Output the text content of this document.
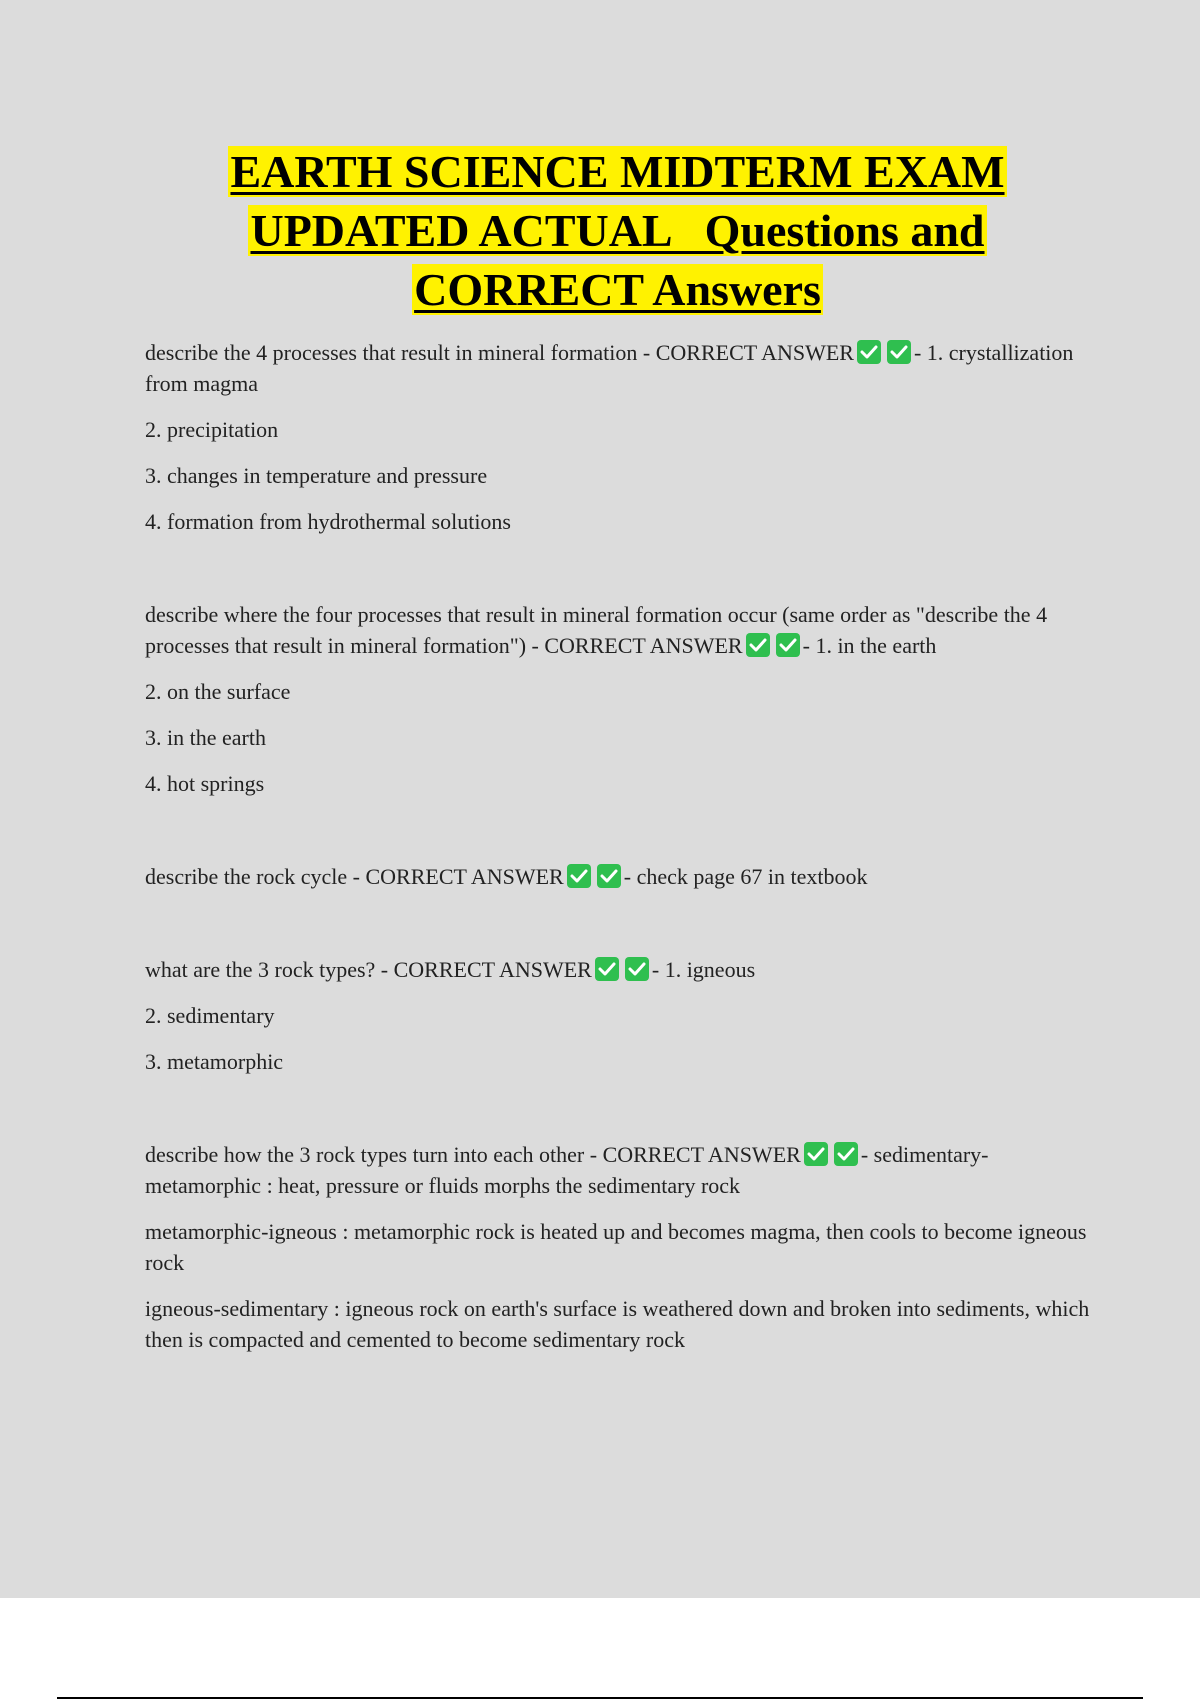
EARTH SCIENCE MIDTERM EXAM
UPDATED ACTUAL   Questions and
CORRECT Answers

describe the 4 processes that result in mineral formation - CORRECT ANSWER	- 1. crystallization from magma

2. precipitation

3. changes in temperature and pressure

4. formation from hydrothermal solutions

describe where the four processes that result in mineral formation occur (same order as "describe the 4 processes that result in mineral formation") - CORRECT ANSWER	- 1. in the earth

2. on the surface

3. in the earth

4. hot springs

describe the rock cycle - CORRECT ANSWER	- check page 67 in textbook

what are the 3 rock types? - CORRECT ANSWER	- 1. igneous

2. sedimentary

3. metamorphic

describe how the 3 rock types turn into each other - CORRECT ANSWER	- sedimentary-metamorphic : heat, pressure or fluids morphs the sedimentary rock

metamorphic-igneous : metamorphic rock is heated up and becomes magma, then cools to become igneous rock

igneous-sedimentary : igneous rock on earth's surface is weathered down and broken into sediments, which then is compacted and cemented to become sedimentary rock
